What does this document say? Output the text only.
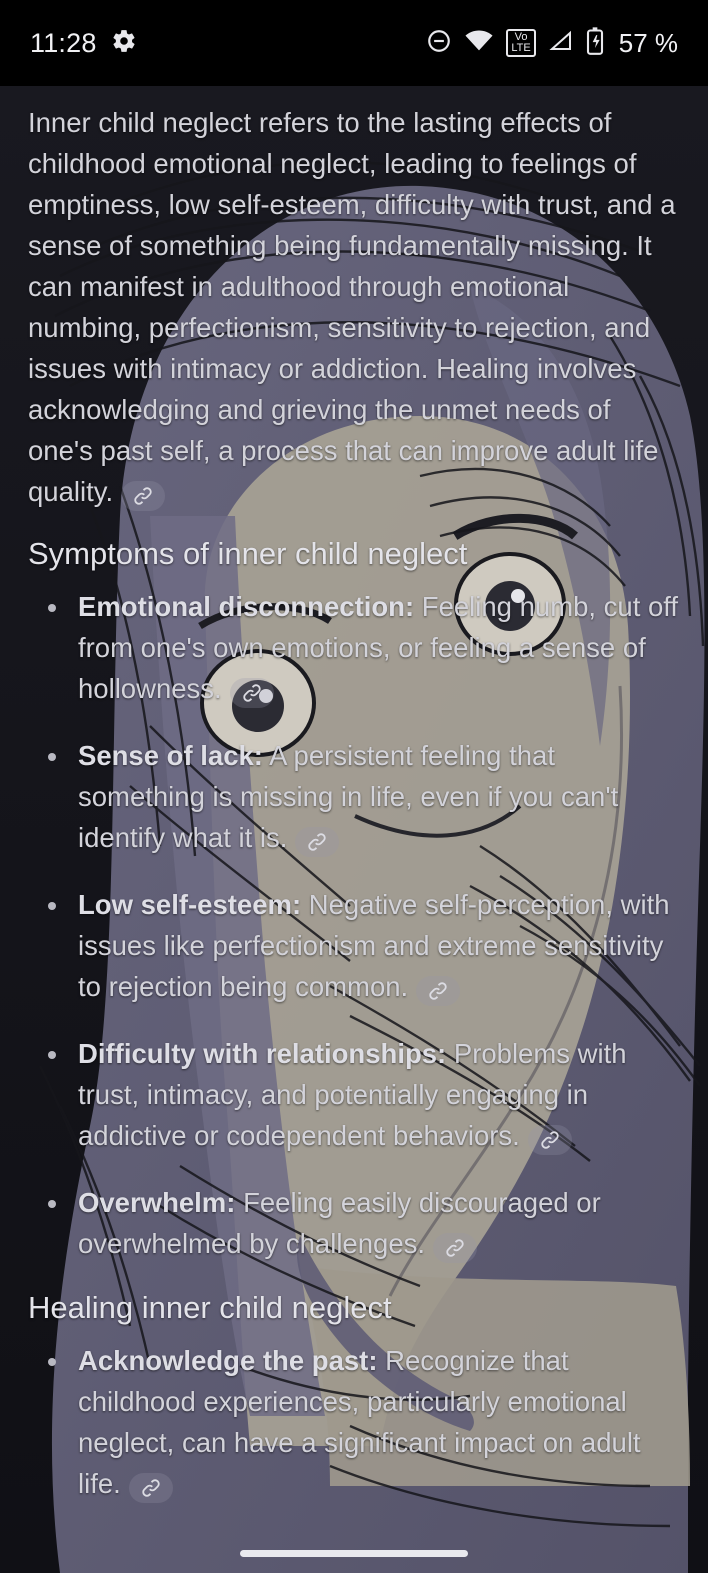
11:28	Vo
LTE	57 %

Inner child neglect refers to the lasting effects of childhood emotional neglect, leading to feelings of emptiness, low self-esteem, difficulty with trust, and a sense of something being fundamentally missing. It can manifest in adulthood through emotional numbing, perfectionism, sensitivity to rejection, and issues with intimacy or addiction. Healing involves acknowledging and grieving the unmet needs of one's past self, a process that can improve adult life quality.

Symptoms of inner child neglect
Emotional disconnection: Feeling numb, cut off from one's own emotions, or feeling a sense of hollowness.
Sense of lack: A persistent feeling that something is missing in life, even if you can't identify what it is.
Low self-esteem: Negative self-perception, with issues like perfectionism and extreme sensitivity to rejection being common.
Difficulty with relationships: Problems with trust, intimacy, and potentially engaging in addictive or codependent behaviors.
Overwhelm: Feeling easily discouraged or overwhelmed by challenges.
Healing inner child neglect
Acknowledge the past: Recognize that childhood experiences, particularly emotional neglect, can have a significant impact on adult life.
